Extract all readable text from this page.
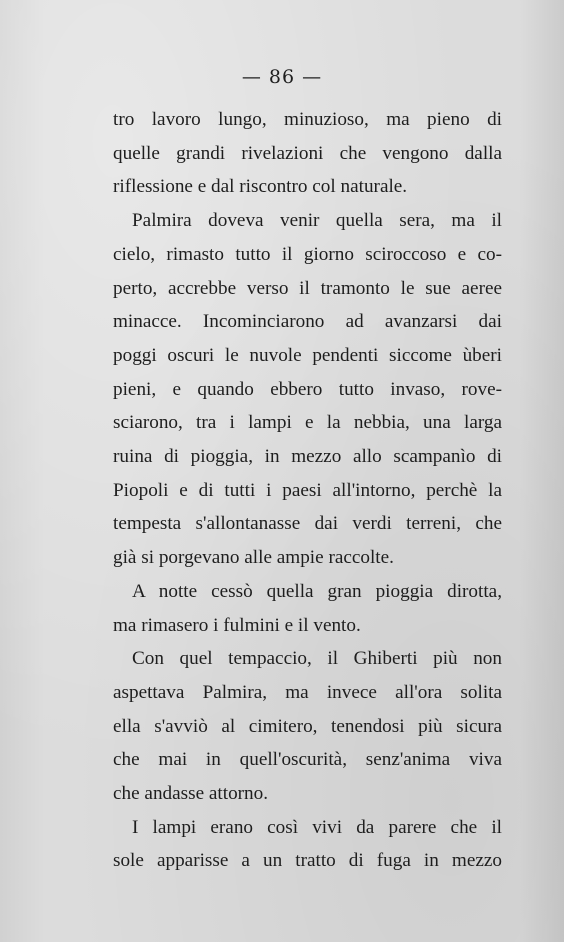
— 86 —
tro lavoro lungo, minuzioso, ma pieno di
quelle grandi rivelazioni che vengono dalla
riflessione e dal riscontro col naturale.
Palmira doveva venir quella sera, ma il
cielo, rimasto tutto il giorno sciroccoso e co-
perto, accrebbe verso il tramonto le sue aeree
minacce. Incominciarono ad avanzarsi dai
poggi oscuri le nuvole pendenti siccome ùberi
pieni, e quando ebbero tutto invaso, rove-
sciarono, tra i lampi e la nebbia, una larga
ruina di pioggia, in mezzo allo scampanìo di
Piopoli e di tutti i paesi all'intorno, perchè la
tempesta s'allontanasse dai verdi terreni, che
già si porgevano alle ampie raccolte.
A notte cessò quella gran pioggia dirotta,
ma rimasero i fulmini e il vento.
Con quel tempaccio, il Ghiberti più non
aspettava Palmira, ma invece all'ora solita
ella s'avviò al cimitero, tenendosi più sicura
che mai in quell'oscurità, senz'anima viva
che andasse attorno.
I lampi erano così vivi da parere che il
sole apparisse a un tratto di fuga in mezzo
